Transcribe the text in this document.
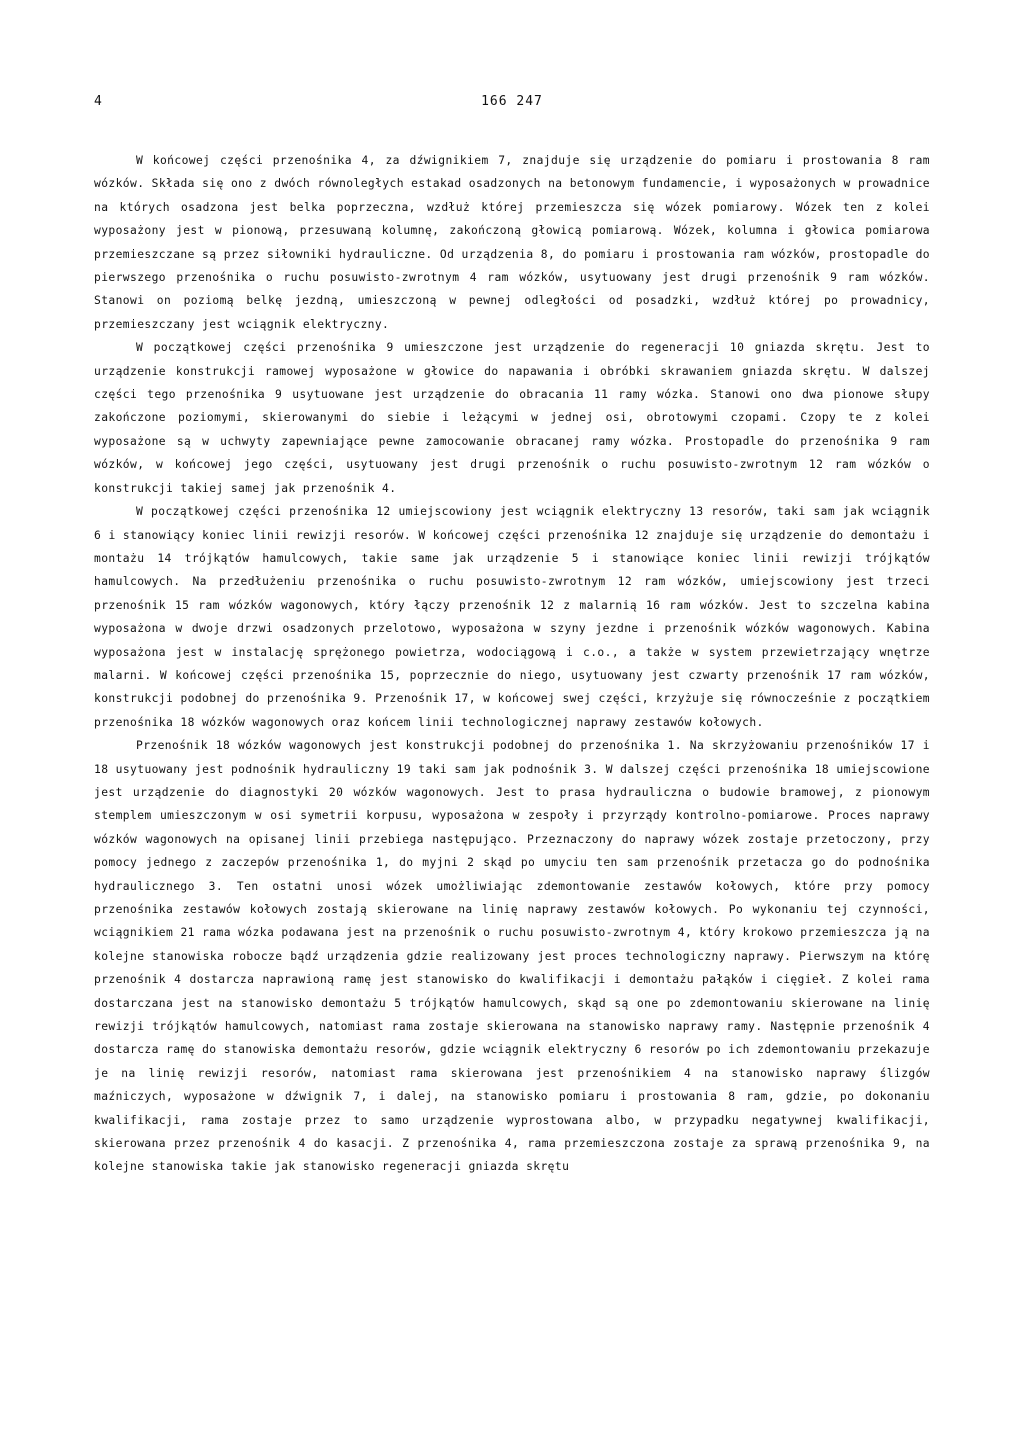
4	166 247

W końcowej części przenośnika 4, za dźwignikiem 7, znajduje się urządzenie do pomiaru i prostowania 8 ram wózków. Składa się ono z dwóch równoległych estakad osadzonych na betonowym fundamencie, i wyposażonych w prowadnice na których osadzona jest belka poprzeczna, wzdłuż której przemieszcza się wózek pomiarowy. Wózek ten z kolei wyposażony jest w pionową, przesuwaną kolumnę, zakończoną głowicą pomiarową. Wózek, kolumna i głowica pomiarowa przemieszczane są przez siłowniki hydrauliczne. Od urządzenia 8, do pomiaru i prostowania ram wózków, prostopadle do pierwszego przenośnika o ruchu posuwisto-zwrotnym 4 ram wózków, usytuowany jest drugi przenośnik 9 ram wózków. Stanowi on poziomą belkę jezdną, umieszczoną w pewnej odległości od posadzki, wzdłuż której po prowadnicy, przemieszczany jest wciągnik elektryczny.

W początkowej części przenośnika 9 umieszczone jest urządzenie do regeneracji 10 gniazda skrętu. Jest to urządzenie konstrukcji ramowej wyposażone w głowice do napawania i obróbki skrawaniem gniazda skrętu. W dalszej części tego przenośnika 9 usytuowane jest urządzenie do obracania 11 ramy wózka. Stanowi ono dwa pionowe słupy zakończone poziomymi, skierowanymi do siebie i leżącymi w jednej osi, obrotowymi czopami. Czopy te z kolei wyposażone są w uchwyty zapewniające pewne zamocowanie obracanej ramy wózka. Prostopadle do przenośnika 9 ram wózków, w końcowej jego części, usytuowany jest drugi przenośnik o ruchu posuwisto-zwrotnym 12 ram wózków o konstrukcji takiej samej jak przenośnik 4.

W początkowej części przenośnika 12 umiejscowiony jest wciągnik elektryczny 13 resorów, taki sam jak wciągnik 6 i stanowiący koniec linii rewizji resorów. W końcowej części przenośnika 12 znajduje się urządzenie do demontażu i montażu 14 trójkątów hamulcowych, takie same jak urządzenie 5 i stanowiące koniec linii rewizji trójkątów hamulcowych. Na przedłużeniu przenośnika o ruchu posuwisto-zwrotnym 12 ram wózków, umiejscowiony jest trzeci przenośnik 15 ram wózków wagonowych, który łączy przenośnik 12 z malarnią 16 ram wózków. Jest to szczelna kabina wyposażona w dwoje drzwi osadzonych przelotowo, wyposażona w szyny jezdne i przenośnik wózków wagonowych. Kabina wyposażona jest w instalację sprężonego powietrza, wodociągową i c.o., a także w system przewietrzający wnętrze malarni. W końcowej części przenośnika 15, poprzecznie do niego, usytuowany jest czwarty przenośnik 17 ram wózków, konstrukcji podobnej do przenośnika 9. Przenośnik 17, w końcowej swej części, krzyżuje się równocześnie z początkiem przenośnika 18 wózków wagonowych oraz końcem linii technologicznej naprawy zestawów kołowych.

Przenośnik 18 wózków wagonowych jest konstrukcji podobnej do przenośnika 1. Na skrzyżowaniu przenośników 17 i 18 usytuowany jest podnośnik hydrauliczny 19 taki sam jak podnośnik 3. W dalszej części przenośnika 18 umiejscowione jest urządzenie do diagnostyki 20 wózków wagonowych. Jest to prasa hydrauliczna o budowie bramowej, z pionowym stemplem umieszczonym w osi symetrii korpusu, wyposażona w zespoły i przyrządy kontrolno-pomiarowe. Proces naprawy wózków wagonowych na opisanej linii przebiega następująco. Przeznaczony do naprawy wózek zostaje przetoczony, przy pomocy jednego z zaczepów przenośnika 1, do myjni 2 skąd po umyciu ten sam przenośnik przetacza go do podnośnika hydraulicznego 3. Ten ostatni unosi wózek umożliwiając zdemontowanie zestawów kołowych, które przy pomocy przenośnika zestawów kołowych zostają skierowane na linię naprawy zestawów kołowych. Po wykonaniu tej czynności, wciągnikiem 21 rama wózka podawana jest na przenośnik o ruchu posuwisto-zwrotnym 4, który krokowo przemieszcza ją na kolejne stanowiska robocze bądź urządzenia gdzie realizowany jest proces technologiczny naprawy. Pierwszym na którę przenośnik 4 dostarcza naprawioną ramę jest stanowisko do kwalifikacji i demontażu pałąków i cięgieł. Z kolei rama dostarczana jest na stanowisko demontażu 5 trójkątów hamulcowych, skąd są one po zdemontowaniu skierowane na linię rewizji trójkątów hamulcowych, natomiast rama zostaje skierowana na stanowisko naprawy ramy. Następnie przenośnik 4 dostarcza ramę do stanowiska demontażu resorów, gdzie wciągnik elektryczny 6 resorów po ich zdemontowaniu przekazuje je na linię rewizji resorów, natomiast rama skierowana jest przenośnikiem 4 na stanowisko naprawy ślizgów maźniczych, wyposażone w dźwignik 7, i dalej, na stanowisko pomiaru i prostowania 8 ram, gdzie, po dokonaniu kwalifikacji, rama zostaje przez to samo urządzenie wyprostowana albo, w przypadku negatywnej kwalifikacji, skierowana przez przenośnik 4 do kasacji. Z przenośnika 4, rama przemieszczona zostaje za sprawą przenośnika 9, na kolejne stanowiska takie jak stanowisko regeneracji gniazda skrętu
